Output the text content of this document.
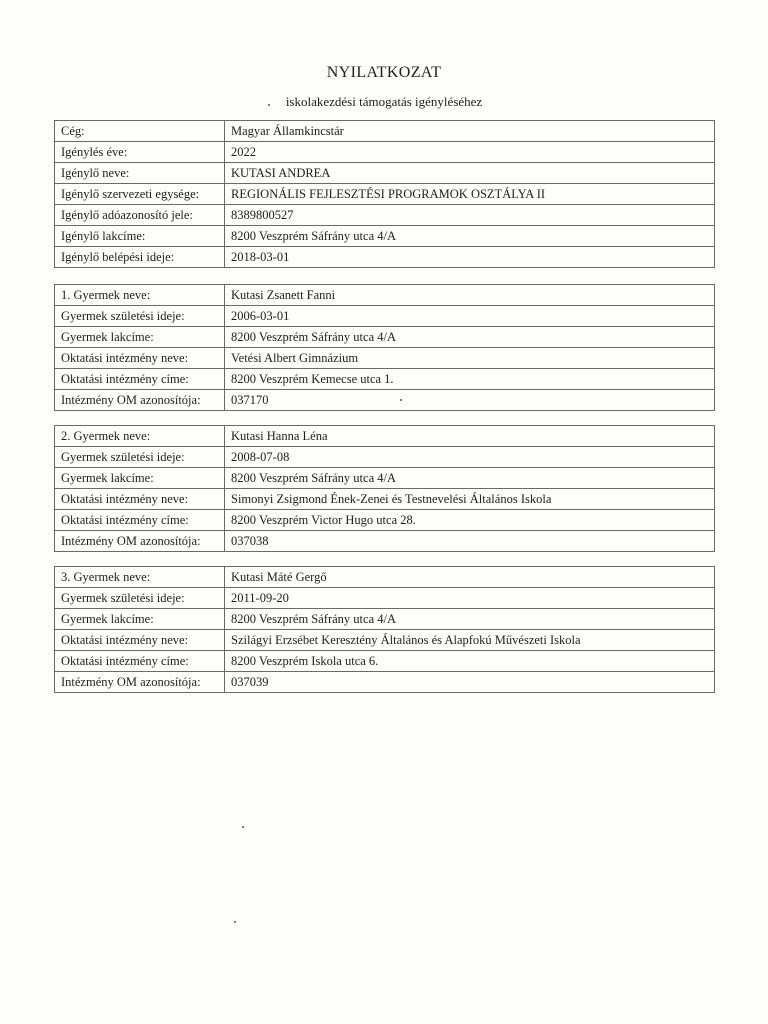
NYILATKOZAT
iskolakezdési támogatás igényléséhez
Cég:	Magyar Államkincstár
Igénylés éve:	2022
Igénylő neve:	KUTASI ANDREA
Igénylő szervezeti egysége:	REGIONÁLIS FEJLESZTÉSI PROGRAMOK OSZTÁLYA II
Igénylő adóazonosító jele:	8389800527
Igénylő lakcíme:	8200 Veszprém Sáfrány utca 4/A
Igénylő belépési ideje:	2018-03-01
1. Gyermek neve:	Kutasi Zsanett Fanni
Gyermek születési ideje:	2006-03-01
Gyermek lakcíme:	8200 Veszprém Sáfrány utca 4/A
Oktatási intézmény neve:	Vetési Albert Gimnázium
Oktatási intézmény címe:	8200 Veszprém Kemecse utca 1.
Intézmény OM azonosítója:	037170
2. Gyermek neve:	Kutasi Hanna Léna
Gyermek születési ideje:	2008-07-08
Gyermek lakcíme:	8200 Veszprém Sáfrány utca 4/A
Oktatási intézmény neve:	Simonyi Zsigmond Ének-Zenei és Testnevelési Általános Iskola
Oktatási intézmény címe:	8200 Veszprém Victor Hugo utca 28.
Intézmény OM azonosítója:	037038
3. Gyermek neve:	Kutasi Máté Gergő
Gyermek születési ideje:	2011-09-20
Gyermek lakcíme:	8200 Veszprém Sáfrány utca 4/A
Oktatási intézmény neve:	Szilágyi Erzsébet Keresztény Általános és Alapfokú Művészeti Iskola
Oktatási intézmény címe:	8200 Veszprém Iskola utca 6.
Intézmény OM azonosítója:	037039
